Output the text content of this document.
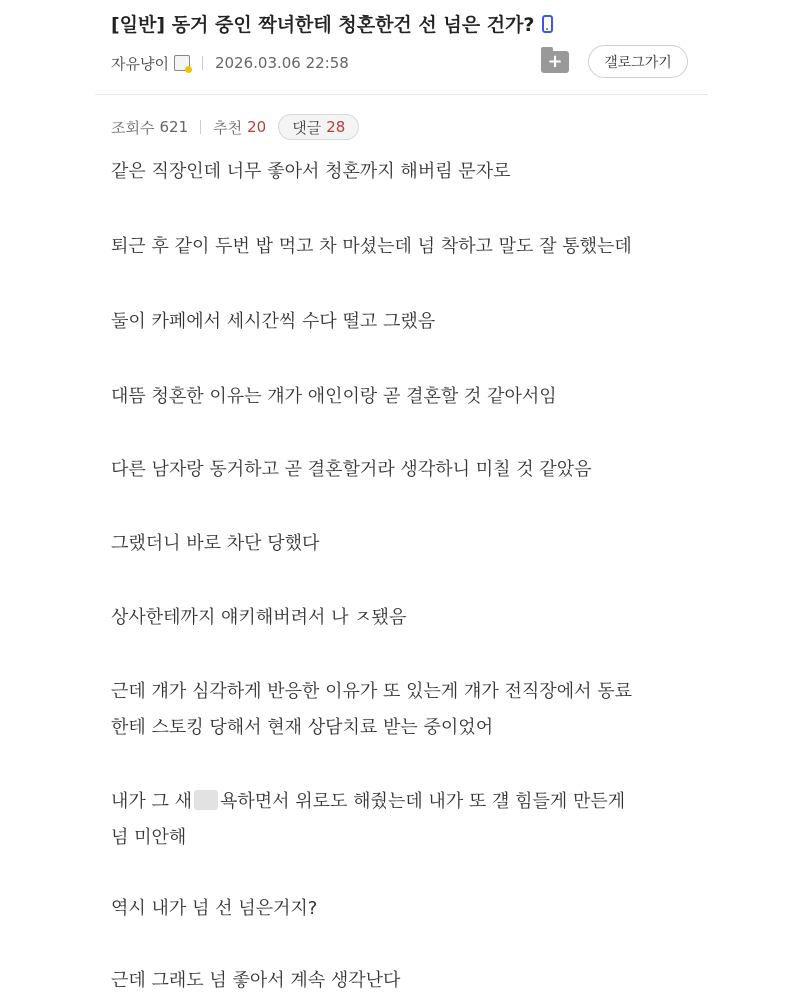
[일반] 동거 중인 짝녀한테 청혼한건 선 넘은 건가?
자유냥이	2026.03.06 22:58
+	갤로그가기
조회수 621 추천 20 댓글 28
같은 직장인데 너무 좋아서 청혼까지 해버림 문자로
퇴근 후 같이 두번 밥 먹고 차 마셨는데 넘 착하고 말도 잘 통했는데
둘이 카페에서 세시간씩 수다 떨고 그랬음
대뜸 청혼한 이유는 걔가 애인이랑 곧 결혼할 것 같아서임
다른 남자랑 동거하고 곧 결혼할거라 생각하니 미칠 것 같았음
그랬더니 바로 차단 당했다
상사한테까지 얘키해버려서 나 ㅈ됐음
근데 걔가 심각하게 반응한 이유가 또 있는게 걔가 전직장에서 동료
한테 스토킹 당해서 현재 상담치료 받는 중이었어
내가 그 새 욕하면서 위로도 해줬는데 내가 또 걜 힘들게 만든게
넘 미안해
역시 내가 넘 선 넘은거지?
근데 그래도 넘 좋아서 계속 생각난다
